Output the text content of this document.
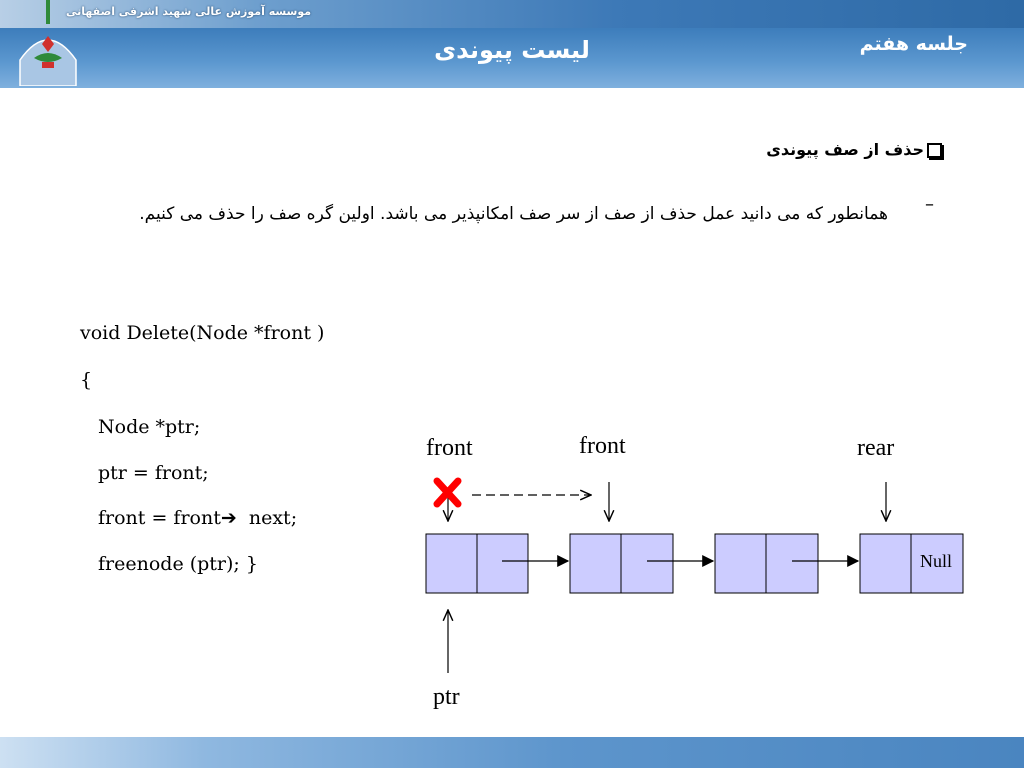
موسسه آموزش عالی شهید اشرفی اصفهانی
جلسه هفتم
لیست پیوندی
حذف از صف پیوندی
–
همانطور که می دانید عمل حذف از صف از سر صف امکانپذیر می باشد. اولین گره صف را حذف می کنیم.
void Delete(Node *front )
{
Node *ptr;
ptr = front;
front = front➔  next;
freenode (ptr); }
front	front	rear
ptr
Null
